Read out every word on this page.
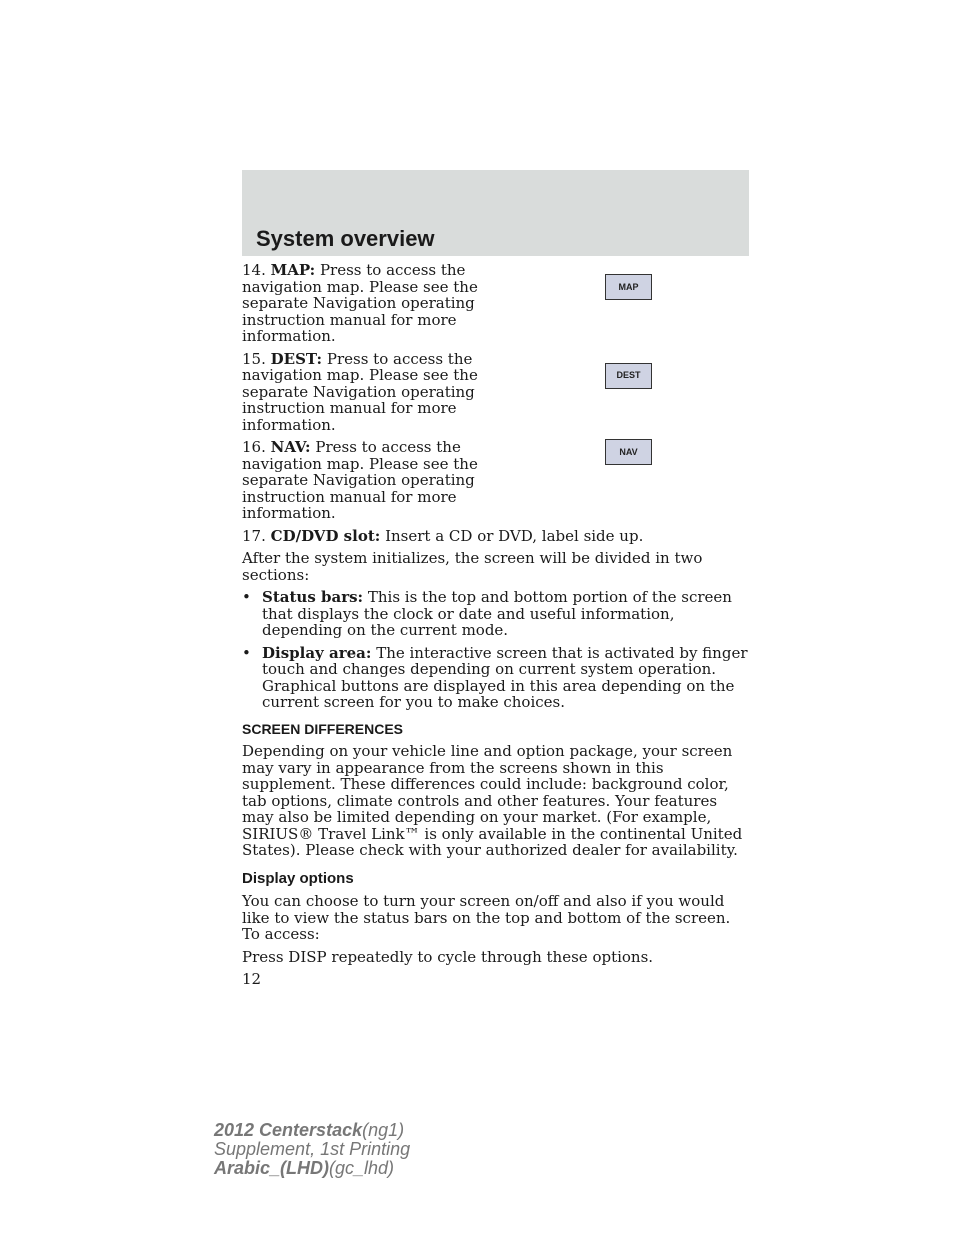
System overview
14. MAP: Press to access the navigation map. Please see the separate Navigation operating instruction manual for more information.
MAP
15. DEST: Press to access the navigation map. Please see the separate Navigation operating instruction manual for more information.
DEST
16. NAV: Press to access the navigation map. Please see the separate Navigation operating instruction manual for more information.
NAV
17. CD/DVD slot: Insert a CD or DVD, label side up.

After the system initializes, the screen will be divided in two sections:

• Status bars: This is the top and bottom portion of the screen that displays the clock or date and useful information, depending on the current mode.
• Display area: The interactive screen that is activated by finger touch and changes depending on current system operation. Graphical buttons are displayed in this area depending on the current screen for you to make choices.
SCREEN DIFFERENCES

Depending on your vehicle line and option package, your screen may vary in appearance from the screens shown in this supplement. These differences could include: background color, tab options, climate controls and other features. Your features may also be limited depending on your market. (For example, SIRIUS® Travel Link™ is only available in the continental United States). Please check with your authorized dealer for availability.

Display options

You can choose to turn your screen on/off and also if you would like to view the status bars on the top and bottom of the screen. To access:

Press DISP repeatedly to cycle through these options.

12
2012 Centerstack(ng1)
Supplement, 1st Printing
Arabic_(LHD)(gc_lhd)
